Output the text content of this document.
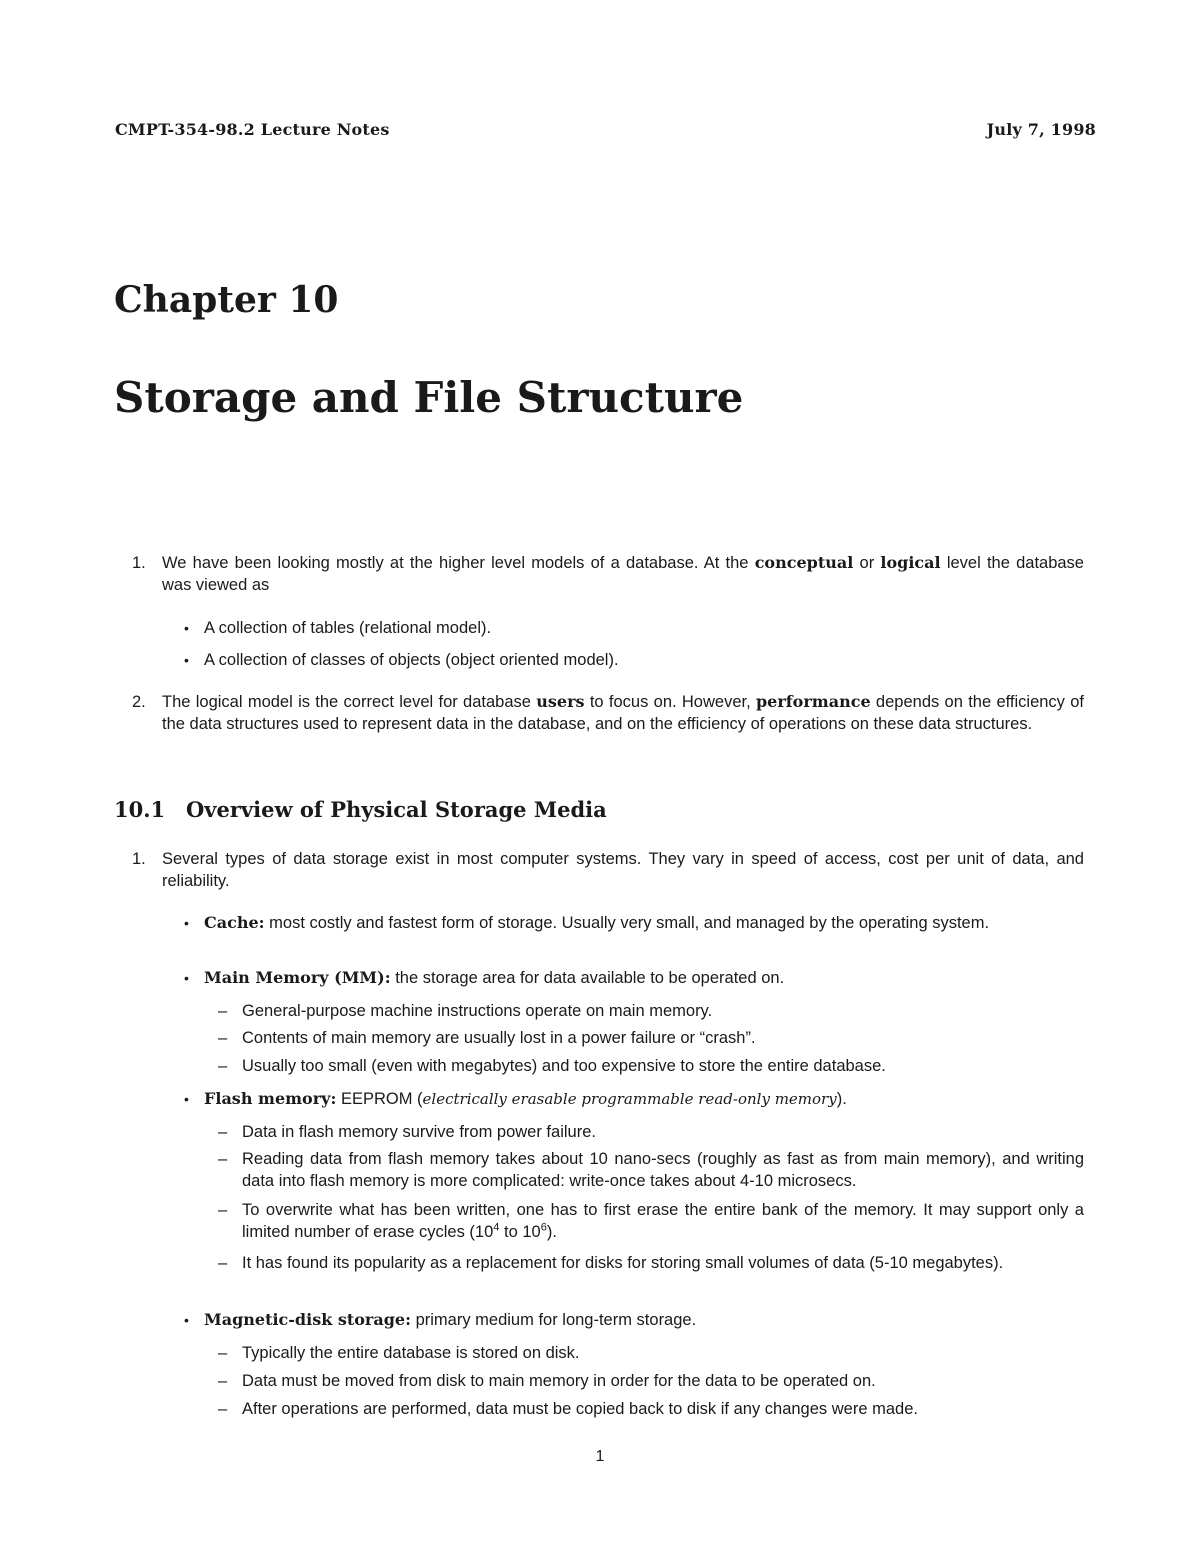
CMPT-354-98.2 Lecture Notes	July 7, 1998
Chapter 10
Storage and File Structure
1. We have been looking mostly at the higher level models of a database. At the conceptual or logical level the database was viewed as
• A collection of tables (relational model).
• A collection of classes of objects (object oriented model).
2. The logical model is the correct level for database users to focus on. However, performance depends on the efficiency of the data structures used to represent data in the database, and on the efficiency of operations on these data structures.
10.1 Overview of Physical Storage Media
1. Several types of data storage exist in most computer systems. They vary in speed of access, cost per unit of data, and reliability.
• Cache: most costly and fastest form of storage. Usually very small, and managed by the operating system.
• Main Memory (MM): the storage area for data available to be operated on.
– General-purpose machine instructions operate on main memory.
– Contents of main memory are usually lost in a power failure or “crash”.
– Usually too small (even with megabytes) and too expensive to store the entire database.
• Flash memory: EEPROM (electrically erasable programmable read-only memory).
– Data in flash memory survive from power failure.
– Reading data from flash memory takes about 10 nano-secs (roughly as fast as from main memory), and writing data into flash memory is more complicated: write-once takes about 4-10 microsecs.
– To overwrite what has been written, one has to first erase the entire bank of the memory. It may support only a limited number of erase cycles ($10^4$ to $10^6$).
– It has found its popularity as a replacement for disks for storing small volumes of data (5-10 megabytes).
• Magnetic-disk storage: primary medium for long-term storage.
– Typically the entire database is stored on disk.
– Data must be moved from disk to main memory in order for the data to be operated on.
– After operations are performed, data must be copied back to disk if any changes were made.
1
